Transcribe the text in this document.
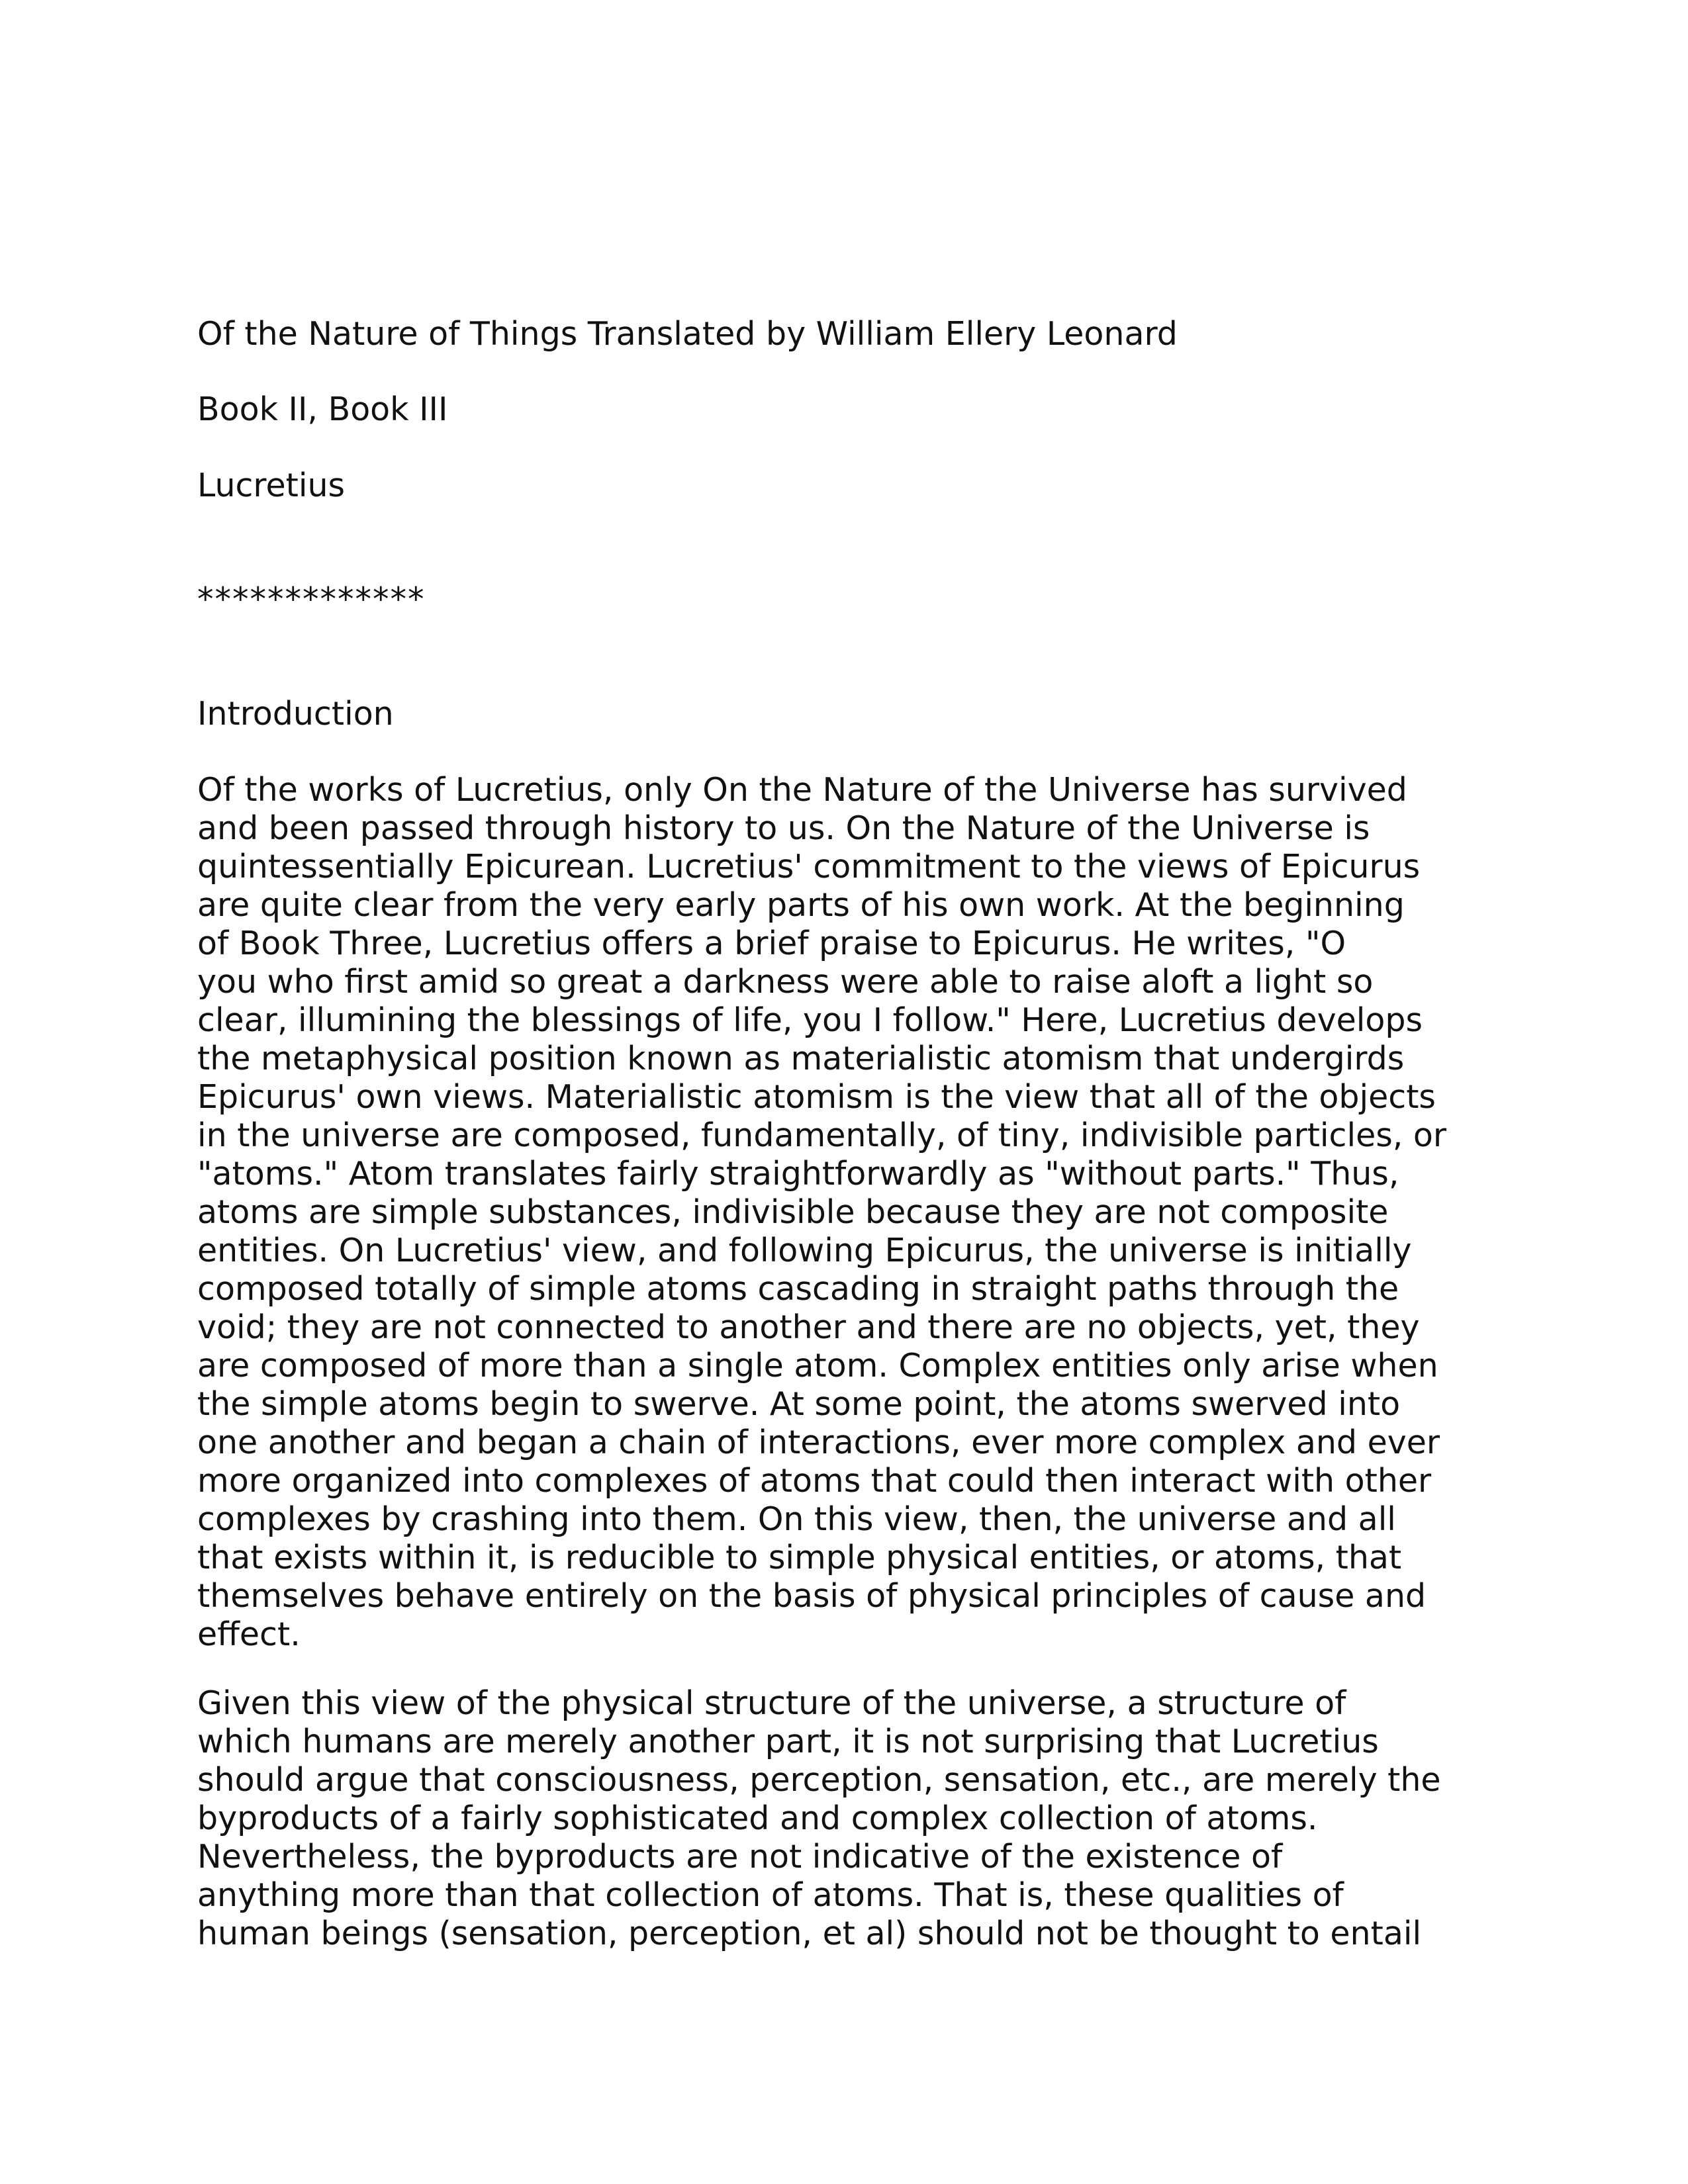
Of the Nature of Things Translated by William Ellery Leonard

Book II, Book III

Lucretius

*************

Introduction

Of the works of Lucretius, only On the Nature of the Universe has survived
and been passed through history to us. On the Nature of the Universe is
quintessentially Epicurean. Lucretius' commitment to the views of Epicurus
are quite clear from the very early parts of his own work. At the beginning
of Book Three, Lucretius offers a brief praise to Epicurus. He writes, "O
you who first amid so great a darkness were able to raise aloft a light so
clear, illumining the blessings of life, you I follow." Here, Lucretius develops
the metaphysical position known as materialistic atomism that undergirds
Epicurus' own views. Materialistic atomism is the view that all of the objects
in the universe are composed, fundamentally, of tiny, indivisible particles, or
"atoms." Atom translates fairly straightforwardly as "without parts." Thus,
atoms are simple substances, indivisible because they are not composite
entities. On Lucretius' view, and following Epicurus, the universe is initially
composed totally of simple atoms cascading in straight paths through the
void; they are not connected to another and there are no objects, yet, they
are composed of more than a single atom. Complex entities only arise when
the simple atoms begin to swerve. At some point, the atoms swerved into
one another and began a chain of interactions, ever more complex and ever
more organized into complexes of atoms that could then interact with other
complexes by crashing into them. On this view, then, the universe and all
that exists within it, is reducible to simple physical entities, or atoms, that
themselves behave entirely on the basis of physical principles of cause and
effect.
Given this view of the physical structure of the universe, a structure of
which humans are merely another part, it is not surprising that Lucretius
should argue that consciousness, perception, sensation, etc., are merely the
byproducts of a fairly sophisticated and complex collection of atoms.
Nevertheless, the byproducts are not indicative of the existence of
anything more than that collection of atoms. That is, these qualities of
human beings (sensation, perception, et al) should not be thought to entail
